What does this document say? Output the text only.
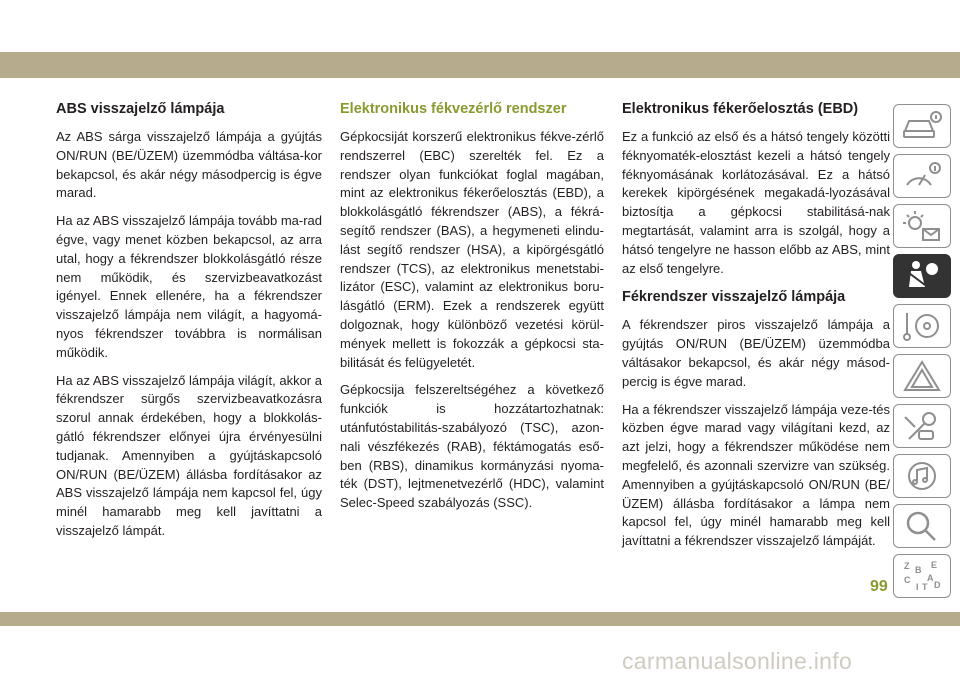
ABS visszajelző lámpája

Az ABS sárga visszajelző lámpája a gyújtás ON/RUN (BE/ÜZEM) üzemmódba váltása-kor bekapcsol, és akár négy másodpercig is égve marad.

Ha az ABS visszajelző lámpája tovább ma-rad égve, vagy menet közben bekapcsol, az arra utal, hogy a fékrendszer blokkolásgátló része nem működik, és szervizbeavatkozást igényel. Ennek ellenére, ha a fékrendszer visszajelző lámpája nem világít, a hagyomá-nyos fékrendszer továbbra is normálisan működik.

Ha az ABS visszajelző lámpája világít, akkor a fékrendszer sürgős szervizbeavatkozásra szorul annak érdekében, hogy a blokkolás-gátló fékrendszer előnyei újra érvényesülni tudjanak. Amennyiben a gyújtáskapcsoló ON/RUN (BE/ÜZEM) állásba fordításakor az ABS visszajelző lámpája nem kapcsol fel, úgy minél hamarabb meg kell javíttatni a visszajelző lámpát.

Elektronikus fékvezérlő rendszer

Gépkocsiját korszerű elektronikus fékve-zérlő rendszerrel (EBC) szerelték fel. Ez a rendszer olyan funkciókat foglal magában, mint az elektronikus fékerőelosztás (EBD), a blokkolásgátló fékrendszer (ABS), a fékrá-segítő rendszer (BAS), a hegymeneti elindu-lást segítő rendszer (HSA), a kipörgésgátló rendszer (TCS), az elektronikus menetstabi-lizátor (ESC), valamint az elektronikus boru-lásgátló (ERM). Ezek a rendszerek együtt dolgoznak, hogy különböző vezetési körül-mények mellett is fokozzák a gépkocsi sta-bilitását és felügyeletét.

Gépkocsija felszereltségéhez a következő funkciók is hozzátartozhatnak: utánfutóstabilitás-szabályozó (TSC), azon-nali vészfékezés (RAB), féktámogatás eső-ben (RBS), dinamikus kormányzási nyoma-ték (DST), lejtmenetvezérlő (HDC), valamint Selec-Speed szabályozás (SSC).

Elektronikus fékerőelosztás (EBD)

Ez a funkció az első és a hátsó tengely közötti féknyomaték-elosztást kezeli a hátsó tengely féknyomásának korlátozásával. Ez a hátsó kerekek kipörgésének megakadá-lyozásával biztosítja a gépkocsi stabilitásá-nak megtartását, valamint arra is szolgál, hogy a hátsó tengelyre ne hasson előbb az ABS, mint az első tengelyre.

Fékrendszer visszajelző lámpája

A fékrendszer piros visszajelző lámpája a gyújtás ON/RUN (BE/ÜZEM) üzemmódba váltásakor bekapcsol, és akár négy másod-percig is égve marad.

Ha a fékrendszer visszajelző lámpája veze-tés közben égve marad vagy világítani kezd, az azt jelzi, hogy a fékrendszer működése nem megfelelő, és azonnali szervizre van szükség. Amennyiben a gyújtáskapcsoló ON/RUN (BE/ÜZEM) állásba fordításakor a lámpa nem kapcsol fel, úgy minél hamarabb meg kell javíttatni a fékrendszer visszajelző lámpáját.

Z B E
C A
I D
T
99
carmanualsonline.info
